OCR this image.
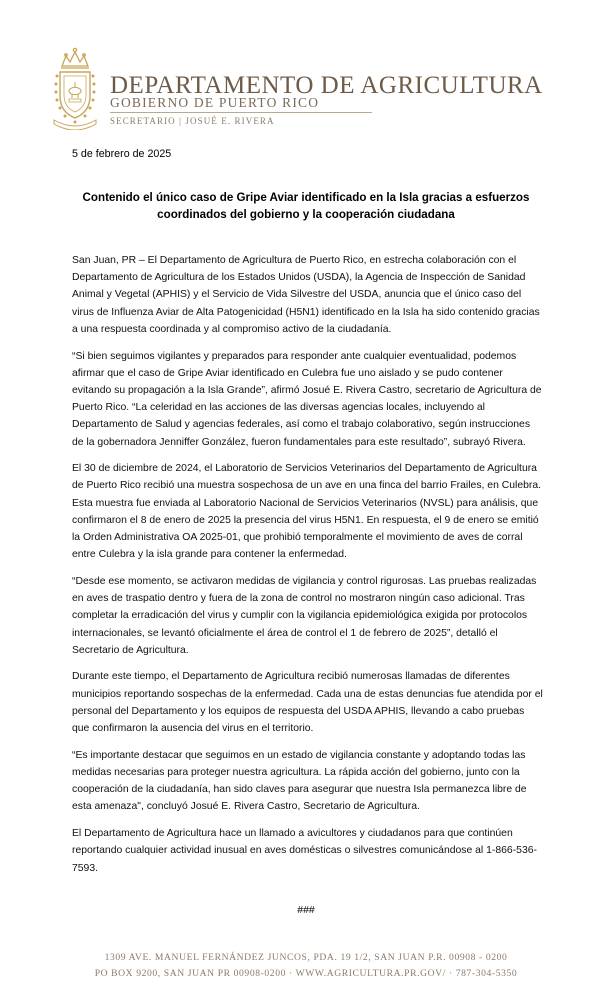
DEPARTAMENTO DE AGRICULTURA
GOBIERNO DE PUERTO RICO
SECRETARIO | JOSUÉ E. RIVERA
5 de febrero de 2025
Contenido el único caso de Gripe Aviar identificado en la Isla gracias a esfuerzos coordinados del gobierno y la cooperación ciudadana

San Juan, PR – El Departamento de Agricultura de Puerto Rico, en estrecha colaboración con el Departamento de Agricultura de los Estados Unidos (USDA), la Agencia de Inspección de Sanidad Animal y Vegetal (APHIS) y el Servicio de Vida Silvestre del USDA, anuncia que el único caso del virus de Influenza Aviar de Alta Patogenicidad (H5N1) identificado en la Isla ha sido contenido gracias a una respuesta coordinada y al compromiso activo de la ciudadanía.

“Si bien seguimos vigilantes y preparados para responder ante cualquier eventualidad, podemos afirmar que el caso de Gripe Aviar identificado en Culebra fue uno aislado y se pudo contener evitando su propagación a la Isla Grande”, afirmó Josué E. Rivera Castro, secretario de Agricultura de Puerto Rico. “La celeridad en las acciones de las diversas agencias locales, incluyendo al Departamento de Salud y agencias federales, así como el trabajo colaborativo, según instrucciones de la gobernadora Jenniffer González, fueron fundamentales para este resultado”, subrayó Rivera.

El 30 de diciembre de 2024, el Laboratorio de Servicios Veterinarios del Departamento de Agricultura de Puerto Rico recibió una muestra sospechosa de un ave en una finca del barrio Frailes, en Culebra. Esta muestra fue enviada al Laboratorio Nacional de Servicios Veterinarios (NVSL) para análisis, que confirmaron el 8 de enero de 2025 la presencia del virus H5N1. En respuesta, el 9 de enero se emitió la Orden Administrativa OA 2025-01, que prohibió temporalmente el movimiento de aves de corral entre Culebra y la isla grande para contener la enfermedad.

“Desde ese momento, se activaron medidas de vigilancia y control rigurosas. Las pruebas realizadas en aves de traspatio dentro y fuera de la zona de control no mostraron ningún caso adicional. Tras completar la erradicación del virus y cumplir con la vigilancia epidemiológica exigida por protocolos internacionales, se levantó oficialmente el área de control el 1 de febrero de 2025”, detalló el Secretario de Agricultura.

Durante este tiempo, el Departamento de Agricultura recibió numerosas llamadas de diferentes municipios reportando sospechas de la enfermedad. Cada una de estas denuncias fue atendida por el personal del Departamento y los equipos de respuesta del USDA APHIS, llevando a cabo pruebas que confirmaron la ausencia del virus en el territorio.

“Es importante destacar que seguimos en un estado de vigilancia constante y adoptando todas las medidas necesarias para proteger nuestra agricultura. La rápida acción del gobierno, junto con la cooperación de la ciudadanía, han sido claves para asegurar que nuestra Isla permanezca libre de esta amenaza", concluyó Josué E. Rivera Castro, Secretario de Agricultura.

El Departamento de Agricultura hace un llamado a avicultores y ciudadanos para que continúen reportando cualquier actividad inusual en aves domésticas o silvestres comunicándose al 1-866-536-7593.

###
1309 AVE. MANUEL FERNÁNDEZ JUNCOS, PDA. 19 1/2, SAN JUAN P.R. 00908 - 0200
PO BOX 9200, SAN JUAN PR 00908-0200 · WWW.AGRICULTURA.PR.GOV/ · 787-304-5350
